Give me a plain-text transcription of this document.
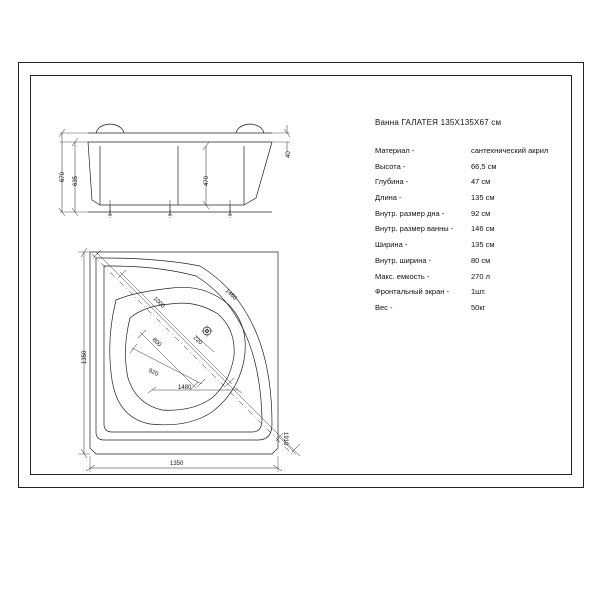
670 635	470
40
1350
1350
1460
1000
800
920
1480
220
1910
Ванна ГАЛАТЕЯ 135Х135Х67 см
Материал -	сантехнический акрил
Высота -	66,5 см
Глубина -	47 см
Длина -	135 см
Внутр. размер дна -	92 см
Внутр. размер ванны -	146 см
Ширина -	135 см
Внутр. ширина -	80 см
Макс. емкость -	270 л
Фронтальный экран -	1шт.
Вес -	50кг
